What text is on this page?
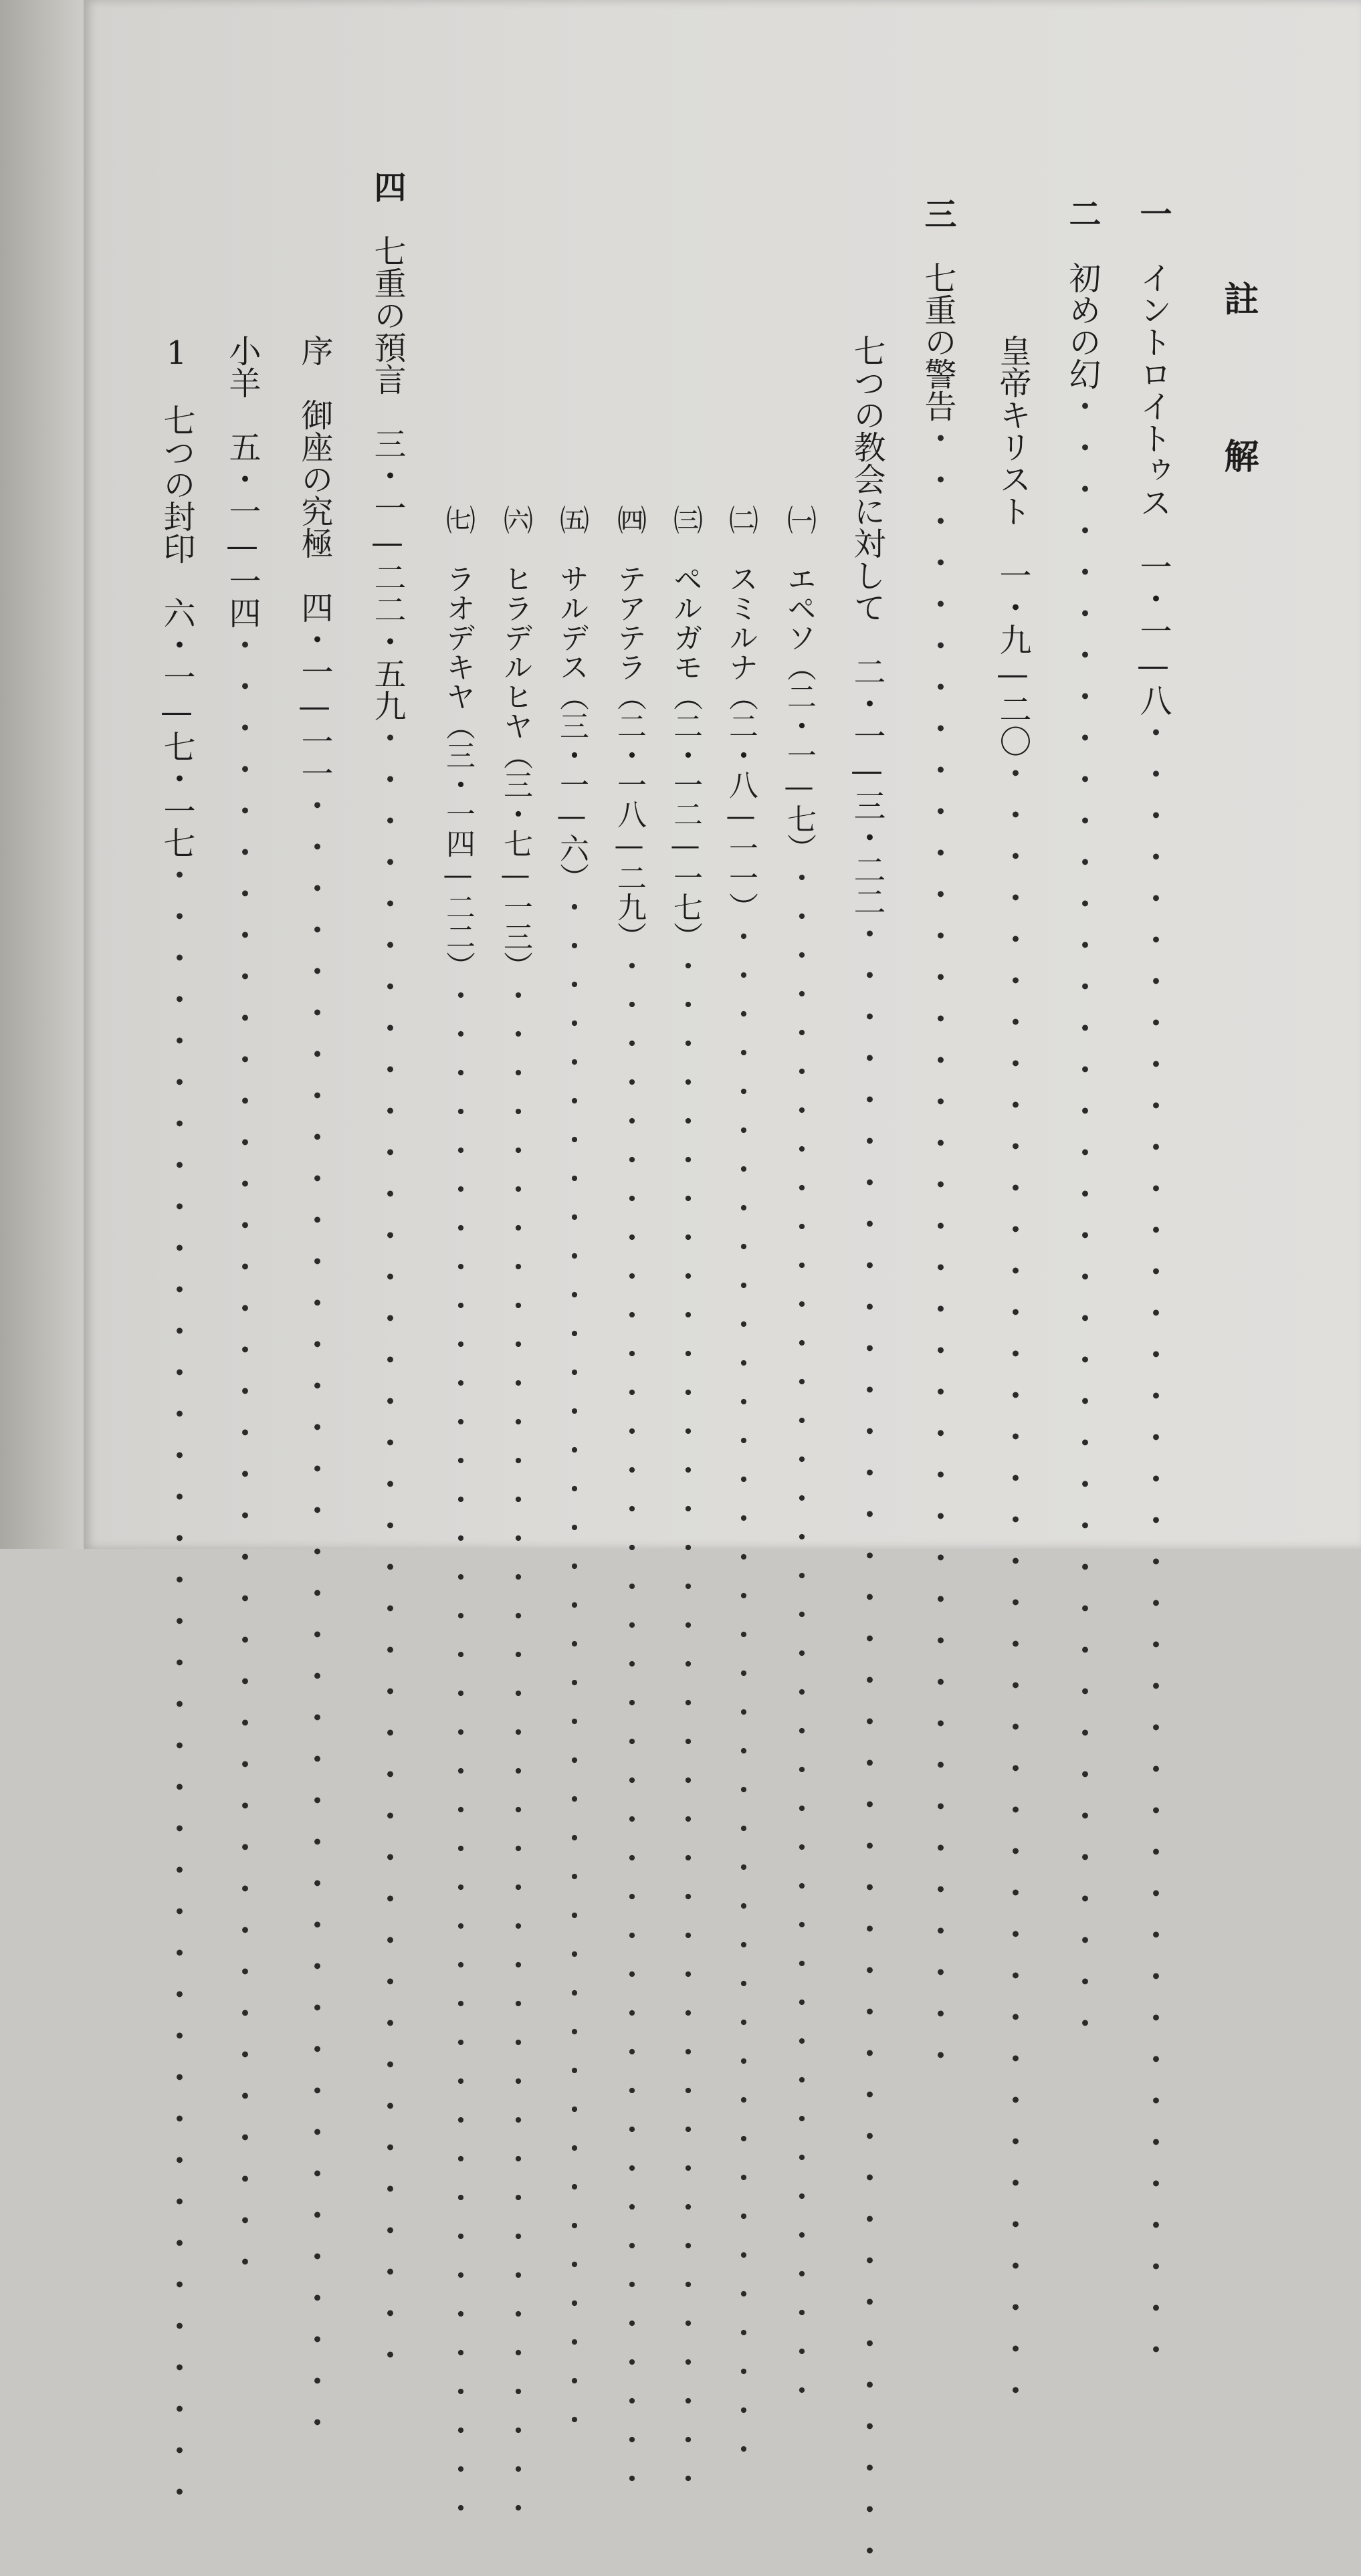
註
解
一　イントロイトゥス　一・一—八・・・・・・・・・・・・・・・・・・・・・・・・・・・・・・・・・・・・・・・・
二　初めの幻・・・・・・・・・・・・・・・・・・・・・・・・・・・・・・・・・・・・・・・・
皇帝キリスト　一・九—二〇・・・・・・・・・・・・・・・・・・・・・・・・・・・・・・・・・・・・・・・・
三　七重の警告・・・・・・・・・・・・・・・・・・・・・・・・・・・・・・・・・・・・・・・・
七つの教会に対して　二・一—三・二二・・・・・・・・・・・・・・・・・・・・・・・・・・・・・・・・・・・・・・・・
㈠　エペソ（二・一—七）・・・・・・・・・・・・・・・・・・・・・・・・・・・・・・・・・・・・・・・・
㈡　スミルナ（二・八—一一）・・・・・・・・・・・・・・・・・・・・・・・・・・・・・・・・・・・・・・・・
㈢　ペルガモ（二・一二—一七）・・・・・・・・・・・・・・・・・・・・・・・・・・・・・・・・・・・・・・・・
㈣　テアテラ（二・一八—二九）・・・・・・・・・・・・・・・・・・・・・・・・・・・・・・・・・・・・・・・・
㈤　サルデス（三・一—六）・・・・・・・・・・・・・・・・・・・・・・・・・・・・・・・・・・・・・・・・
㈥　ヒラデルヒヤ（三・七—一三）・・・・・・・・・・・・・・・・・・・・・・・・・・・・・・・・・・・・・・・・
㈦　ラオデキヤ（三・一四—二二）・・・・・・・・・・・・・・・・・・・・・・・・・・・・・・・・・・・・・・・・
四　七重の預言　三・一—二二・五九・・・・・・・・・・・・・・・・・・・・・・・・・・・・・・・・・・・・・・・・
序　御座の究極　四・一—一一・・・・・・・・・・・・・・・・・・・・・・・・・・・・・・・・・・・・・・・・
小羊　五・一—一四・・・・・・・・・・・・・・・・・・・・・・・・・・・・・・・・・・・・・・・・
1　七つの封印　六・一—七・一七・・・・・・・・・・・・・・・・・・・・・・・・・・・・・・・・・・・・・・・・
